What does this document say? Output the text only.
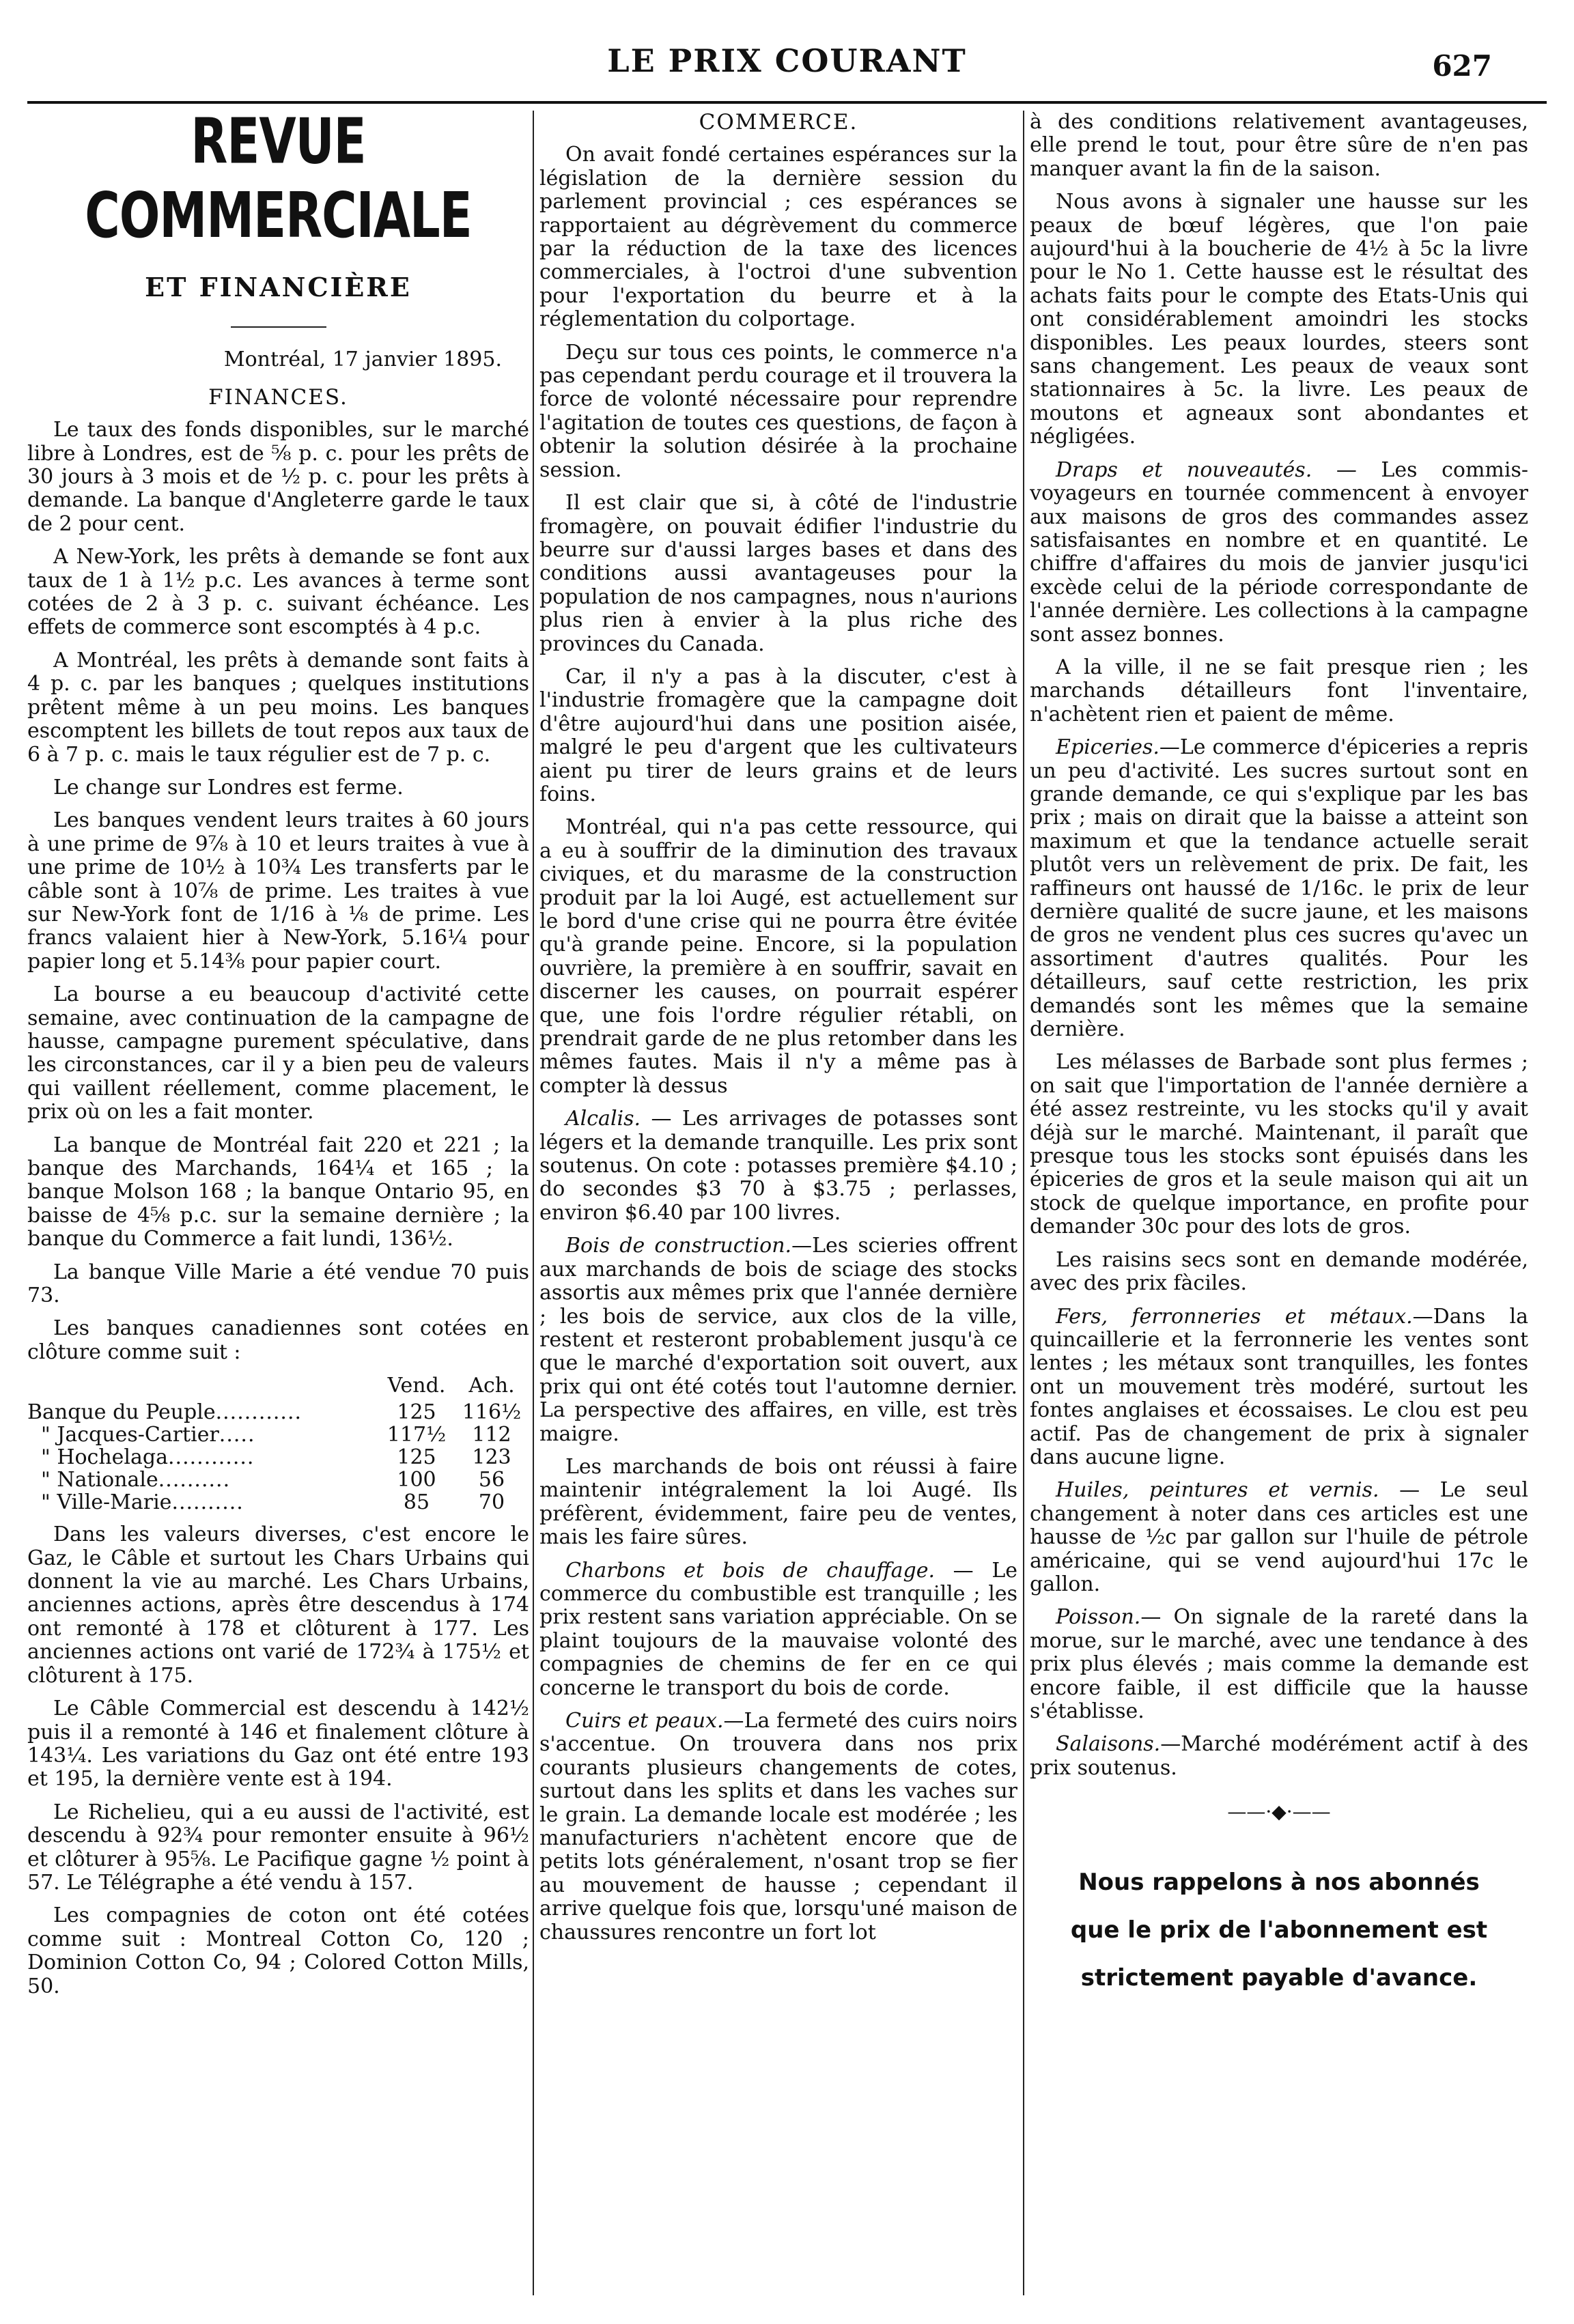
LE PRIX COURANT	627
REVUE COMMERCIALE
ET FINANCIÈRE
Montréal, 17 janvier 1895.
FINANCES.

Le taux des fonds disponibles, sur le marché libre à Londres, est de ⅝ p. c. pour les prêts de 30 jours à 3 mois et de ½ p. c. pour les prêts à demande. La banque d'Angleterre garde le taux de 2 pour cent.

A New-York, les prêts à demande se font aux taux de 1 à 1½ p.c. Les avances à terme sont cotées de 2 à 3 p. c. suivant échéance. Les effets de commerce sont escomptés à 4 p.c.

A Montréal, les prêts à demande sont faits à 4 p. c. par les banques ; quelques institutions prêtent même à un peu moins. Les banques escomptent les billets de tout repos aux taux de 6 à 7 p. c. mais le taux régulier est de 7 p. c.

Le change sur Londres est ferme.

Les banques vendent leurs traites à 60 jours à une prime de 9⅞ à 10 et leurs traites à vue à une prime de 10½ à 10¾ Les transferts par le câble sont à 10⅞ de prime. Les traites à vue sur New-York font de 1/16 à ⅛ de prime. Les francs valaient hier à New-York, 5.16¼ pour papier long et 5.14⅜ pour papier court.

La bourse a eu beaucoup d'activité cette semaine, avec continuation de la campagne de hausse, campagne purement spéculative, dans les circonstances, car il y a bien peu de valeurs qui vaillent réellement, comme placement, le prix où on les a fait monter.

La banque de Montréal fait 220 et 221 ; la banque des Marchands, 164¼ et 165 ; la banque Molson 168 ; la banque Ontario 95, en baisse de 4⅝ p.c. sur la semaine dernière ; la banque du Commerce a fait lundi, 136½.

La banque Ville Marie a été vendue 70 puis 73.

Les banques canadiennes sont cotées en clôture comme suit :

	Vend.	Ach.
Banque du Peuple............	125	116½
" Jacques-Cartier.....	117½	112
" Hochelaga............	125	123
" Nationale..........	100	56
" Ville-Marie..........	85	70

Dans les valeurs diverses, c'est encore le Gaz, le Câble et surtout les Chars Urbains qui donnent la vie au marché. Les Chars Urbains, anciennes actions, après être descendus à 174 ont remonté à 178 et clôturent à 177. Les anciennes actions ont varié de 172¾ à 175½ et clôturent à 175.

Le Câble Commercial est descendu à 142½ puis il a remonté à 146 et finalement clôture à 143¼. Les variations du Gaz ont été entre 193 et 195, la dernière vente est à 194.

Le Richelieu, qui a eu aussi de l'activité, est descendu à 92¾ pour remonter ensuite à 96½ et clôturer à 95⅝. Le Pacifique gagne ½ point à 57. Le Télégraphe a été vendu à 157.

Les compagnies de coton ont été cotées comme suit : Montreal Cotton Co, 120 ; Dominion Cotton Co, 94 ; Colored Cotton Mills, 50.

COMMERCE.

On avait fondé certaines espérances sur la législation de la dernière session du parlement provincial ; ces espérances se rapportaient au dégrèvement du commerce par la réduction de la taxe des licences commerciales, à l'octroi d'une subvention pour l'exportation du beurre et à la réglementation du colportage.

Deçu sur tous ces points, le commerce n'a pas cependant perdu courage et il trouvera la force de volonté nécessaire pour reprendre l'agitation de toutes ces questions, de façon à obtenir la solution désirée à la prochaine session.

Il est clair que si, à côté de l'industrie fromagère, on pouvait édifier l'industrie du beurre sur d'aussi larges bases et dans des conditions aussi avantageuses pour la population de nos campagnes, nous n'aurions plus rien à envier à la plus riche des provinces du Canada.

Car, il n'y a pas à la discuter, c'est à l'industrie fromagère que la campagne doit d'être aujourd'hui dans une position aisée, malgré le peu d'argent que les cultivateurs aient pu tirer de leurs grains et de leurs foins.

Montréal, qui n'a pas cette ressource, qui a eu à souffrir de la diminution des travaux civiques, et du marasme de la construction produit par la loi Augé, est actuellement sur le bord d'une crise qui ne pourra être évitée qu'à grande peine. Encore, si la population ouvrière, la première à en souffrir, savait en discerner les causes, on pourrait espérer que, une fois l'ordre régulier rétabli, on prendrait garde de ne plus retomber dans les mêmes fautes. Mais il n'y a même pas à compter là dessus

Alcalis. — Les arrivages de potasses sont légers et la demande tranquille. Les prix sont soutenus. On cote : potasses première $4.10 ; do secondes $3 70 à $3.75 ; perlasses, environ $6.40 par 100 livres.

Bois de construction.—Les scieries offrent aux marchands de bois de sciage des stocks assortis aux mêmes prix que l'année dernière ; les bois de service, aux clos de la ville, restent et resteront probablement jusqu'à ce que le marché d'exportation soit ouvert, aux prix qui ont été cotés tout l'automne dernier. La perspective des affaires, en ville, est très maigre.

Les marchands de bois ont réussi à faire maintenir intégralement la loi Augé. Ils préfèrent, évidemment, faire peu de ventes, mais les faire sûres.

Charbons et bois de chauffage. — Le commerce du combustible est tranquille ; les prix restent sans variation appréciable. On se plaint toujours de la mauvaise volonté des compagnies de chemins de fer en ce qui concerne le transport du bois de corde.

Cuirs et peaux.—La fermeté des cuirs noirs s'accentue. On trouvera dans nos prix courants plusieurs changements de cotes, surtout dans les splits et dans les vaches sur le grain. La demande locale est modérée ; les manufacturiers n'achètent encore que de petits lots généralement, n'osant trop se fier au mouvement de hausse ; cependant il arrive quelque fois que, lorsqu'uné maison de chaussures rencontre un fort lot

à des conditions relativement avantageuses, elle prend le tout, pour être sûre de n'en pas manquer avant la fin de la saison.

Nous avons à signaler une hausse sur les peaux de bœuf légères, que l'on paie aujourd'hui à la boucherie de 4½ à 5c la livre pour le No 1. Cette hausse est le résultat des achats faits pour le compte des Etats-Unis qui ont considérablement amoindri les stocks disponibles. Les peaux lourdes, steers sont sans changement. Les peaux de veaux sont stationnaires à 5c. la livre. Les peaux de moutons et agneaux sont abondantes et négligées.

Draps et nouveautés. — Les commis-voyageurs en tournée commencent à envoyer aux maisons de gros des commandes assez satisfaisantes en nombre et en quantité. Le chiffre d'affaires du mois de janvier jusqu'ici excède celui de la période correspondante de l'année dernière. Les collections à la campagne sont assez bonnes.

A la ville, il ne se fait presque rien ; les marchands détailleurs font l'inventaire, n'achètent rien et paient de même.

Epiceries.—Le commerce d'épiceries a repris un peu d'activité. Les sucres surtout sont en grande demande, ce qui s'explique par les bas prix ; mais on dirait que la baisse a atteint son maximum et que la tendance actuelle serait plutôt vers un relèvement de prix. De fait, les raffineurs ont haussé de 1/16c. le prix de leur dernière qualité de sucre jaune, et les maisons de gros ne vendent plus ces sucres qu'avec un assortiment d'autres qualités. Pour les détailleurs, sauf cette restriction, les prix demandés sont les mêmes que la semaine dernière.

Les mélasses de Barbade sont plus fermes ; on sait que l'importation de l'année dernière a été assez restreinte, vu les stocks qu'il y avait déjà sur le marché. Maintenant, il paraît que presque tous les stocks sont épuisés dans les épiceries de gros et la seule maison qui ait un stock de quelque importance, en profite pour demander 30c pour des lots de gros.

Les raisins secs sont en demande modérée, avec des prix fàciles.

Fers, ferronneries et métaux.—Dans la quincaillerie et la ferronnerie les ventes sont lentes ; les métaux sont tranquilles, les fontes ont un mouvement très modéré, surtout les fontes anglaises et écossaises. Le clou est peu actif. Pas de changement de prix à signaler dans aucune ligne.

Huiles, peintures et vernis. — Le seul changement à noter dans ces articles est une hausse de ½c par gallon sur l'huile de pétrole américaine, qui se vend aujourd'hui 17c le gallon.

Poisson.— On signale de la rareté dans la morue, sur le marché, avec une tendance à des prix plus élevés ; mais comme la demande est encore faible, il est difficile que la hausse s'établisse.

Salaisons.—Marché modérément actif à des prix soutenus.

——·◆·——
Nous rappelons à nos abonnés
que le prix de l'abonnement est
strictement payable d'avance.
